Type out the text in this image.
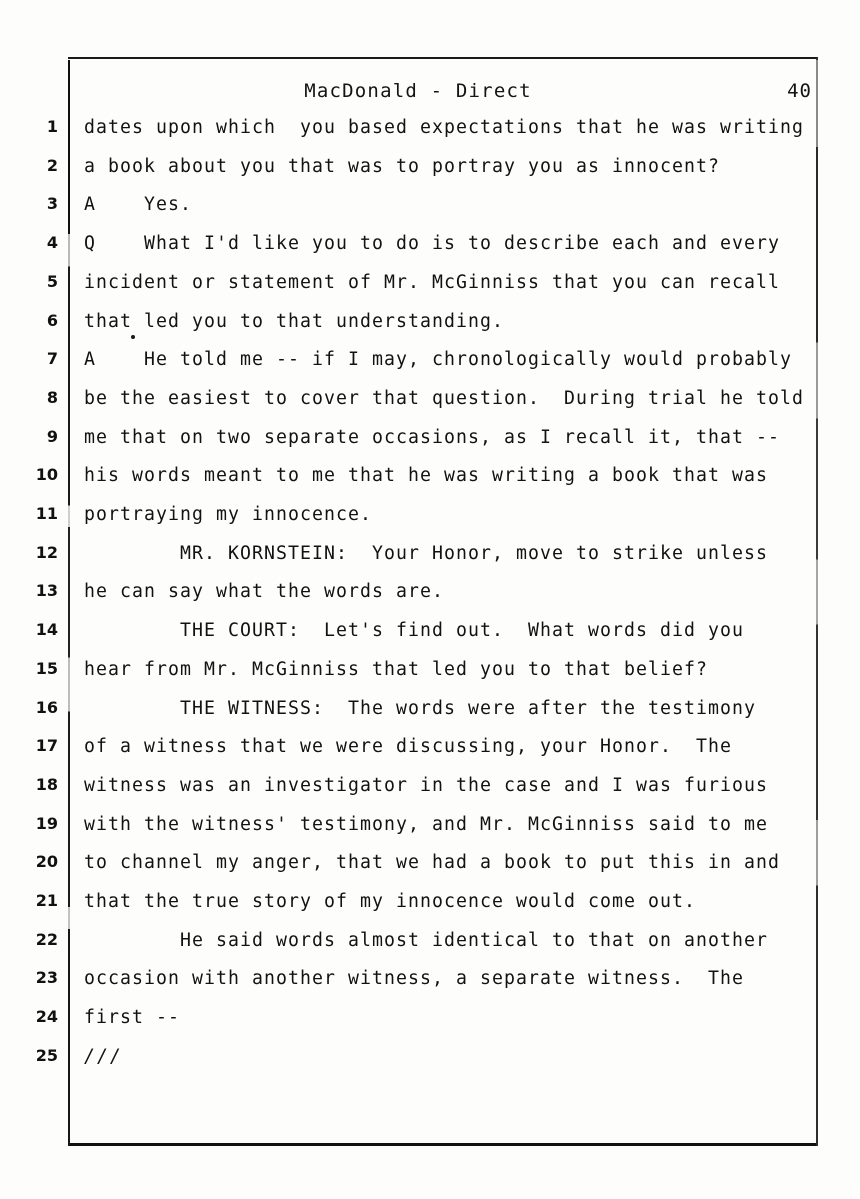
MacDonald - Direct	40
1 dates upon which  you based expectations that he was writing
2 a book about you that was to portray you as innocent?
3 A    Yes.
4 Q    What I'd like you to do is to describe each and every
5 incident or statement of Mr. McGinniss that you can recall
6 that led you to that understanding.
7 A    He told me -- if I may, chronologically would probably
8 be the easiest to cover that question.  During trial he told
9 me that on two separate occasions, as I recall it, that --
10 his words meant to me that he was writing a book that was
11 portraying my innocence.
12 MR. KORNSTEIN:  Your Honor, move to strike unless
13 he can say what the words are.
14 THE COURT:  Let's find out.  What words did you
15 hear from Mr. McGinniss that led you to that belief?
16 THE WITNESS:  The words were after the testimony
17 of a witness that we were discussing, your Honor.  The
18 witness was an investigator in the case and I was furious
19 with the witness' testimony, and Mr. McGinniss said to me
20 to channel my anger, that we had a book to put this in and
21 that the true story of my innocence would come out.
22 He said words almost identical to that on another
23 occasion with another witness, a separate witness.  The
24 first --
25 ///
